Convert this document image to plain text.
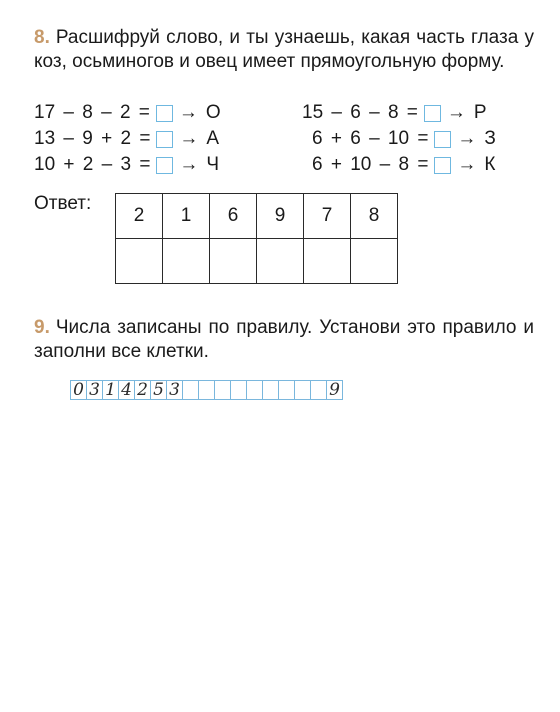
8. Расшифруй слово, и ты узнаешь, какая часть глаза у коз, осьминогов и овец имеет прямоугольную форму.
17 – 8 – 2 = → О
13 – 9 + 2 = → А
10 + 2 – 3 = → Ч
15 – 6 – 8 = → Р
6 + 6 – 10 = → З
6 + 10 – 8 = → К
Ответ:
2	1	6	9	7	8

9. Числа записаны по правилу. Установи это правило и заполни все клетки.
0 3 1 4 2 5 3	9
